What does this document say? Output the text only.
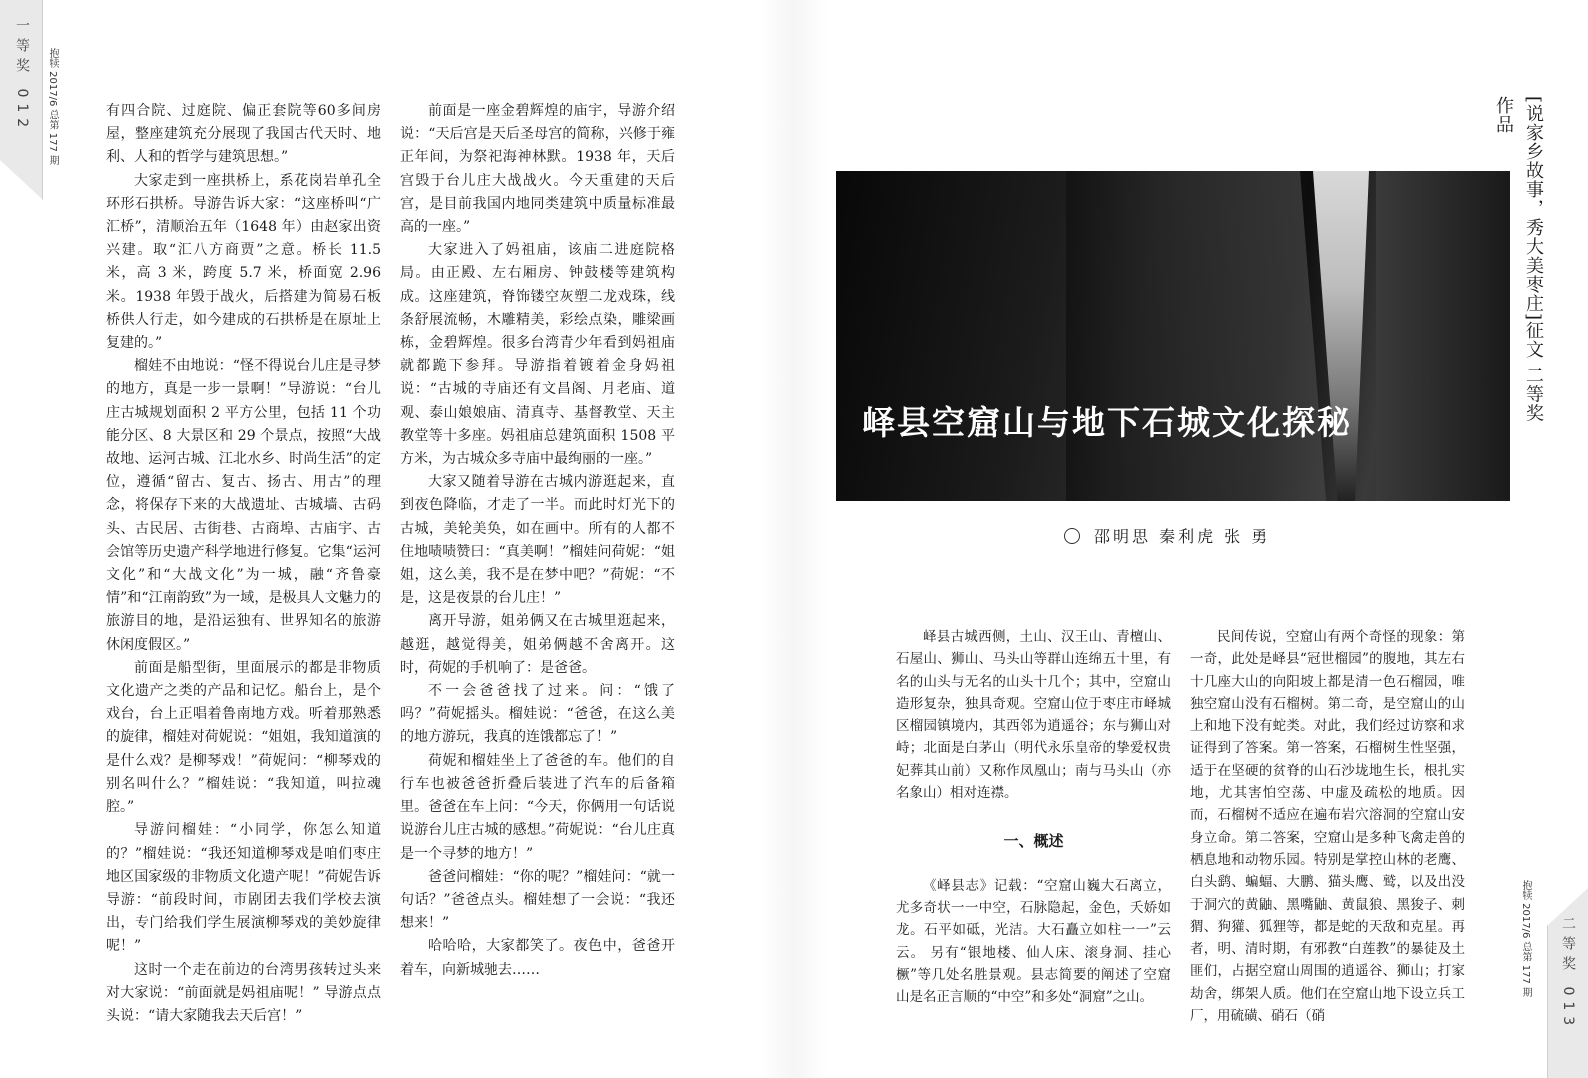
一等奖 012	抱犊 2017/6 总第 177 期	有四合院、过庭院、偏正套院等60多间房屋，整座建筑充分展现了我国古代天时、地利、人和的哲学与建筑思想。”

大家走到一座拱桥上，系花岗岩单孔全环形石拱桥。导游告诉大家：“这座桥叫“广汇桥”，清顺治五年（1648 年）由赵家出资兴建。取“汇八方商贾”之意。桥长 11.5 米，高 3 米，跨度 5.7 米，桥面宽 2.96 米。1938 年毁于战火，后搭建为简易石板桥供人行走，如今建成的石拱桥是在原址上复建的。”

榴娃不由地说：“怪不得说台儿庄是寻梦的地方，真是一步一景啊！”导游说：“台儿庄古城规划面积 2 平方公里，包括 11 个功能分区、8 大景区和 29 个景点，按照“大战故地、运河古城、江北水乡、时尚生活”的定位，遵循“留古、复古、扬古、用古”的理念，将保存下来的大战遗址、古城墙、古码头、古民居、古街巷、古商埠、古庙宇、古会馆等历史遗产科学地进行修复。它集“运河文化”和“大战文化”为一城，融“齐鲁豪情”和“江南韵致”为一域，是极具人文魅力的旅游目的地，是沿运独有、世界知名的旅游休闲度假区。”

前面是船型街，里面展示的都是非物质文化遗产之类的产品和记忆。船台上，是个戏台，台上正唱着鲁南地方戏。听着那熟悉的旋律，榴娃对荷妮说：“姐姐，我知道演的是什么戏？是柳琴戏！”荷妮问：“柳琴戏的别名叫什么？”榴娃说：“我知道，叫拉魂腔。”

导游问榴娃：“小同学，你怎么知道的？”榴娃说：“我还知道柳琴戏是咱们枣庄地区国家级的非物质文化遗产呢！”荷妮告诉导游：“前段时间，市剧团去我们学校去演出，专门给我们学生展演柳琴戏的美妙旋律呢！”

这时一个走在前边的台湾男孩转过头来对大家说：“前面就是妈祖庙呢！” 导游点点头说：“请大家随我去天后宫！”

前面是一座金碧辉煌的庙宇，导游介绍说：“天后宫是天后圣母宫的简称，兴修于雍正年间，为祭祀海神林默。1938 年，天后宫毁于台儿庄大战战火。今天重建的天后宫，是目前我国内地同类建筑中质量标准最高的一座。”

大家进入了妈祖庙，该庙二进庭院格局。由正殿、左右厢房、钟鼓楼等建筑构成。这座建筑，脊饰镂空灰塑二龙戏珠，线条舒展流畅，木雕精美，彩绘点染，雕梁画栋，金碧辉煌。很多台湾青少年看到妈祖庙就都跪下参拜。导游指着镀着金身妈祖说：“古城的寺庙还有文昌阁、月老庙、道观、泰山娘娘庙、清真寺、基督教堂、天主教堂等十多座。妈祖庙总建筑面积 1508 平方米，为古城众多寺庙中最绚丽的一座。”

大家又随着导游在古城内游逛起来，直到夜色降临，才走了一半。而此时灯光下的古城，美轮美奂，如在画中。所有的人都不住地啧啧赞曰：“真美啊！”榴娃问荷妮：“姐姐，这么美，我不是在梦中吧？”荷妮：“不是，这是夜景的台儿庄！”

离开导游，姐弟俩又在古城里逛起来，越逛，越觉得美，姐弟俩越不舍离开。这时，荷妮的手机响了：是爸爸。

不一会爸爸找了过来。问：“饿了吗？”荷妮摇头。榴娃说：“爸爸，在这么美的地方游玩，我真的连饿都忘了！”

荷妮和榴娃坐上了爸爸的车。他们的自行车也被爸爸折叠后装进了汽车的后备箱里。爸爸在车上问：“今天，你俩用一句话说说游台儿庄古城的感想。”荷妮说：“台儿庄真是一个寻梦的地方！”

爸爸问榴娃：“你的呢？”榴娃问：“就一句话？”爸爸点头。榴娃想了一会说：“我还想来！”

哈哈哈，大家都笑了。夜色中，爸爸开着车，向新城驰去……

[说家乡故事，秀大美枣庄]征文 二等奖作品
峄县空窟山与地下石城文化探秘
邵明思 秦利虎 张 勇

峄县古城西侧，土山、汉王山、青檀山、石屋山、狮山、马头山等群山连绵五十里，有名的山头与无名的山头十几个；其中，空窟山造形复杂，独具奇观。空窟山位于枣庄市峄城区榴园镇境内，其西邻为逍遥谷；东与狮山对峙；北面是白茅山（明代永乐皇帝的挚爱权贵妃葬其山前）又称作凤凰山；南与马头山（亦名象山）相对连襟。

一、概述

《峄县志》记载：“空窟山巍大石离立，尤多奇状一一中空，石脉隐起，金色，夭娇如龙。石平如砥，光洁。大石矗立如柱一一”云云。 另有“银地楼、仙人床、滚身洞、挂心橛”等几处名胜景观。县志简要的阐述了空窟山是名正言顺的“中空”和多处“洞窟”之山。

民间传说，空窟山有两个奇怪的现象：第一奇，此处是峄县“冠世榴园”的腹地，其左右十几座大山的向阳坡上都是清一色石榴园，唯独空窟山没有石榴树。第二奇，是空窟山的山上和地下没有蛇类。对此，我们经过访察和求证得到了答案。第一答案，石榴树生性坚强，适于在坚硬的贫脊的山石沙垅地生长，根扎实地，尤其害怕空荡、中虚及疏松的地质。因而，石榴树不适应在遍布岩穴溶洞的空窟山安身立命。第二答案，空窟山是多种飞禽走兽的栖息地和动物乐园。特别是掌控山林的老鹰、白头鹞、蝙蝠、大鹏、猫头鹰、鹫，以及出没于洞穴的黄鼬、黑嘴鼬、黄鼠狼、黑狻子、刺猬、狗獾、狐狸等，都是蛇的天敌和克星。再者，明、清时期，有邪教“白莲教”的暴徒及土匪们，占据空窟山周围的逍遥谷、狮山；打家劫舍，绑架人质。他们在空窟山地下设立兵工厂，用硫磺、硝石（硝

抱犊 2017/6 总第 177 期 二等奖 013
